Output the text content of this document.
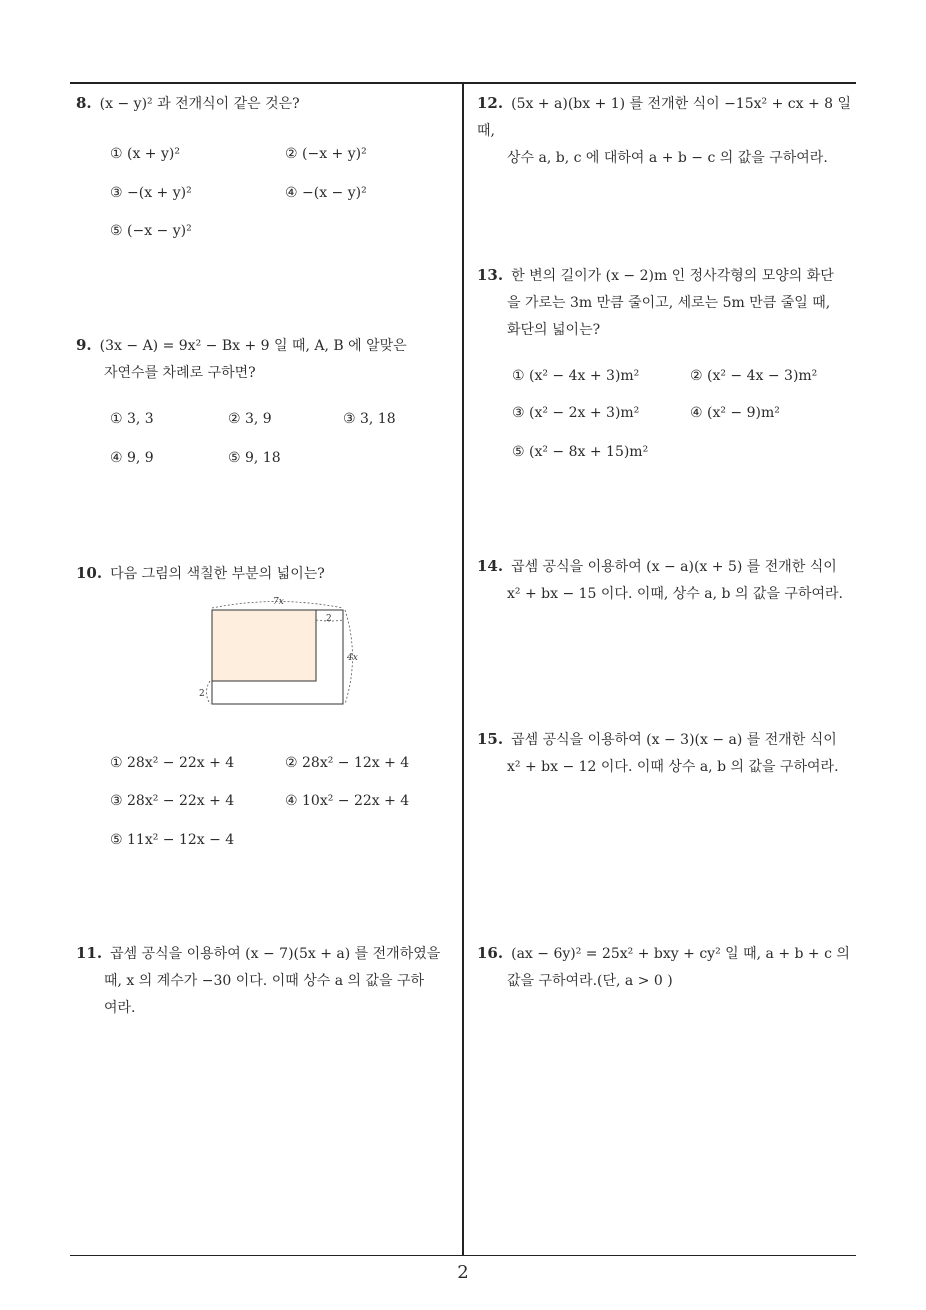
8. (x − y)² 과 전개식이 같은 것은?
① (x + y)²	② (−x + y)²
③ −(x + y)²	④ −(x − y)²
⑤ (−x − y)²
9. (3x − A) = 9x² − Bx + 9 일 때, A, B 에 알맞은
자연수를 차례로 구하면?
① 3, 3	② 3, 9	③ 3, 18
④ 9, 9	⑤ 9, 18
10. 다음 그림의 색칠한 부분의 넓이는?
7x
2
4x
2
① 28x² − 22x + 4	② 28x² − 12x + 4
③ 28x² − 22x + 4	④ 10x² − 22x + 4
⑤ 11x² − 12x − 4
11. 곱셈 공식을 이용하여 (x − 7)(5x + a) 를 전개하였을
때, x 의 계수가 −30 이다. 이때 상수 a 의 값을 구하
여라.
12. (5x + a)(bx + 1) 를 전개한 식이 −15x² + cx + 8 일 때,
상수 a, b, c 에 대하여 a + b − c 의 값을 구하여라.
13. 한 변의 길이가 (x − 2)m 인 정사각형의 모양의 화단
을 가로는 3m 만큼 줄이고, 세로는 5m 만큼 줄일 때,
화단의 넓이는?
① (x² − 4x + 3)m²	② (x² − 4x − 3)m²
③ (x² − 2x + 3)m²	④ (x² − 9)m²
⑤ (x² − 8x + 15)m²
14. 곱셈 공식을 이용하여 (x − a)(x + 5) 를 전개한 식이
x² + bx − 15 이다. 이때, 상수 a, b 의 값을 구하여라.
15. 곱셈 공식을 이용하여 (x − 3)(x − a) 를 전개한 식이
x² + bx − 12 이다. 이때 상수 a, b 의 값을 구하여라.
16. (ax − 6y)² = 25x² + bxy + cy² 일 때, a + b + c 의
값을 구하여라.(단, a > 0 )
2
